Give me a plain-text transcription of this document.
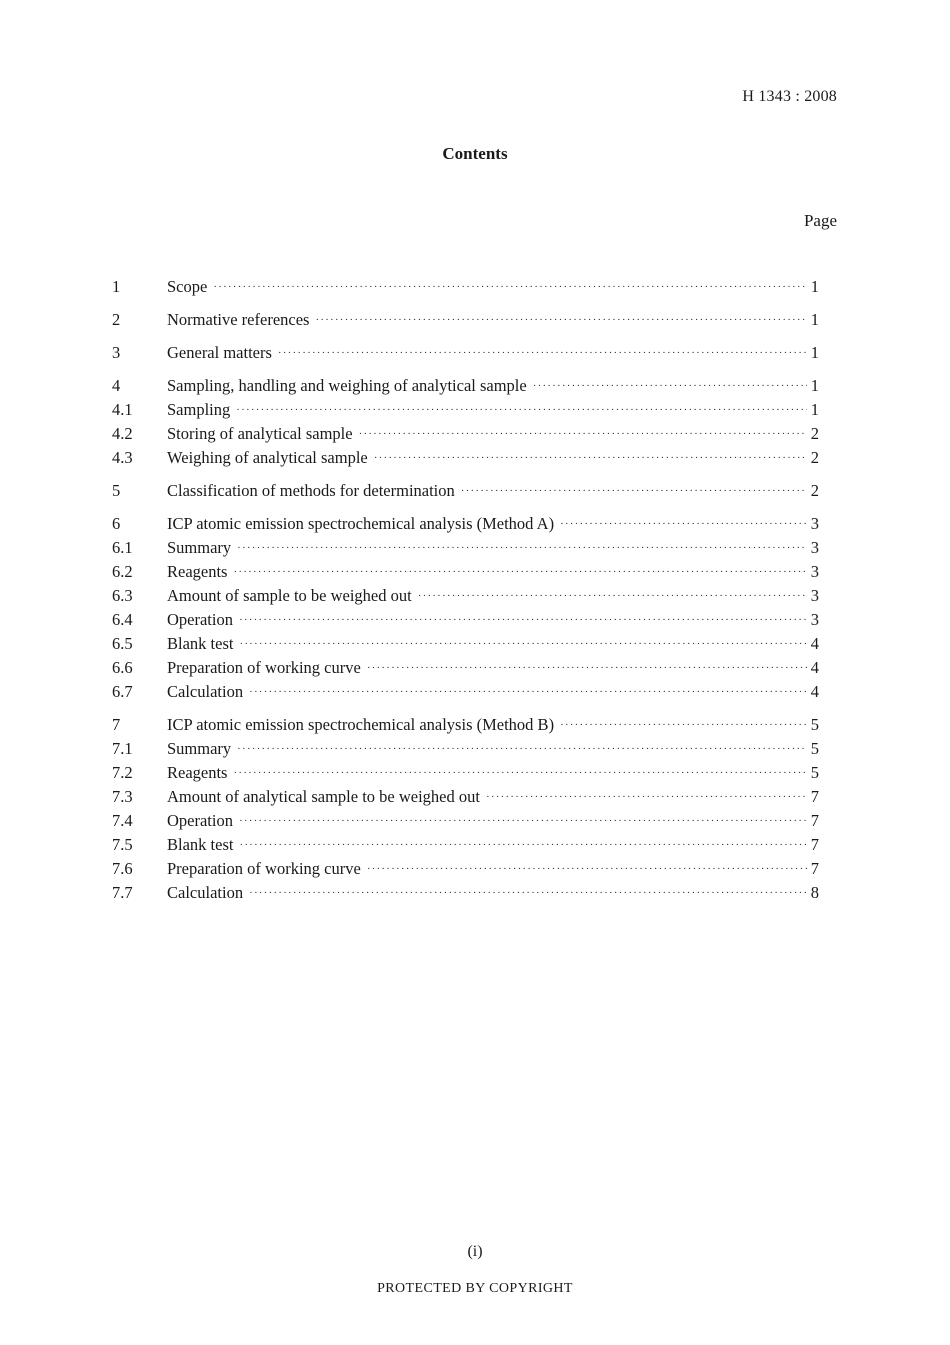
H 1343 : 2008
Contents
Page
1	Scope ·····	1
2	Normative references ·····	1
3	General matters ·····	1
4	Sampling, handling and weighing of analytical sample ·····	1
4.1	Sampling ·····	1
4.2	Storing of analytical sample ·····	2
4.3	Weighing of analytical sample ·····	2
5	Classification of methods for determination ·····	2
6	ICP atomic emission spectrochemical analysis (Method A) ·····	3
6.1	Summary ·····	3
6.2	Reagents ·····	3
6.3	Amount of sample to be weighed out ·····	3
6.4	Operation ·····	3
6.5	Blank test ·····	4
6.6	Preparation of working curve ·····	4
6.7	Calculation ·····	4
7	ICP atomic emission spectrochemical analysis (Method B) ·····	5
7.1	Summary ·····	5
7.2	Reagents ·····	5
7.3	Amount of analytical sample to be weighed out ·····	7
7.4	Operation ·····	7
7.5	Blank test ·····	7
7.6	Preparation of working curve ·····	7
7.7	Calculation ·····	8
(i)
PROTECTED BY COPYRIGHT
